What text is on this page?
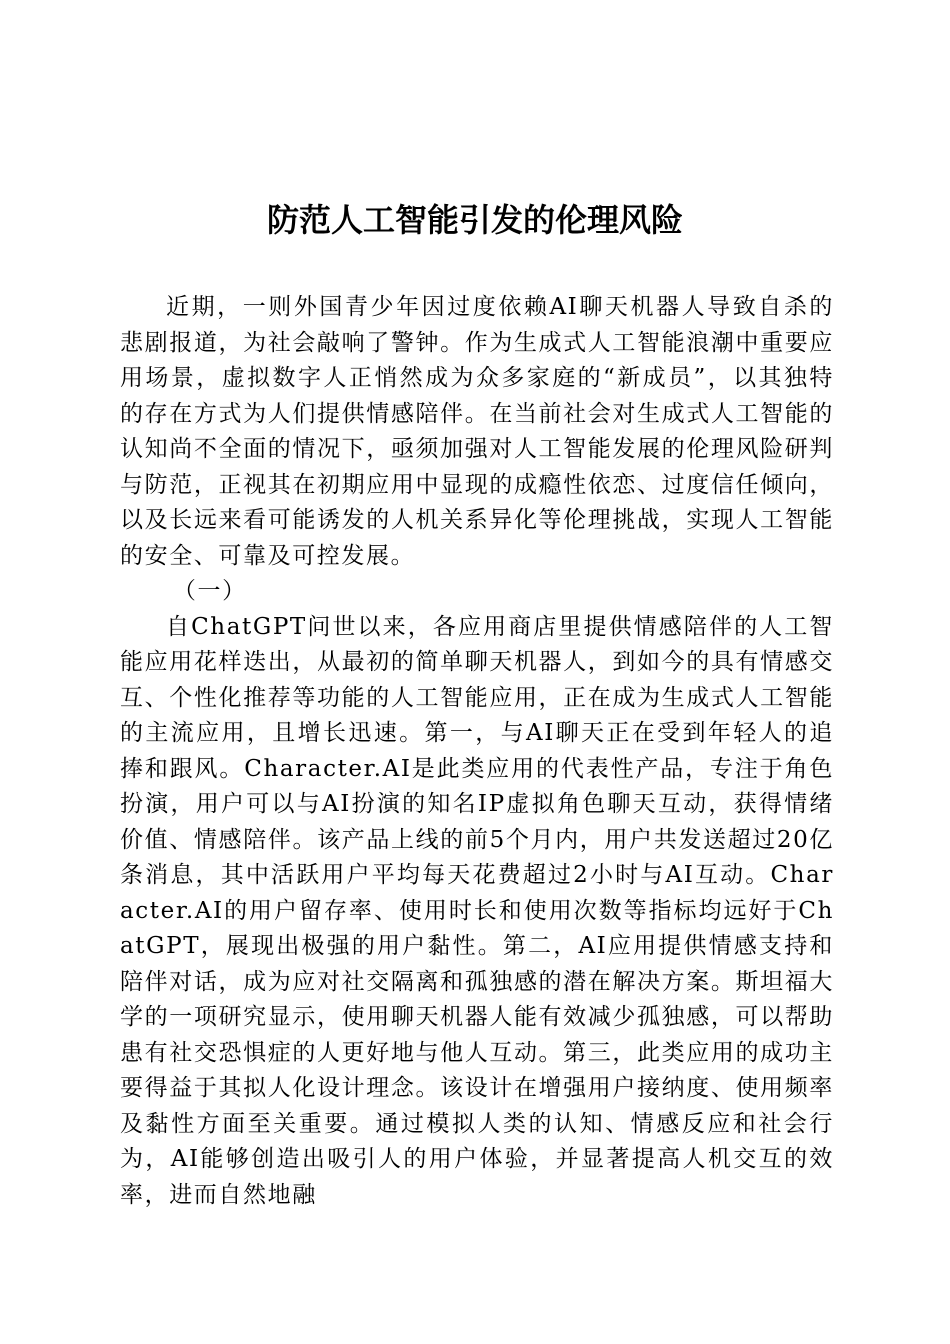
防范人工智能引发的伦理风险

近期，一则外国青少年因过度依赖AI聊天机器人导致自杀的悲剧报道，为社会敲响了警钟。作为生成式人工智能浪潮中重要应用场景，虚拟数字人正悄然成为众多家庭的“新成员”，以其独特的存在方式为人们提供情感陪伴。在当前社会对生成式人工智能的认知尚不全面的情况下，亟须加强对人工智能发展的伦理风险研判与防范，正视其在初期应用中显现的成瘾性依恋、过度信任倾向，以及长远来看可能诱发的人机关系异化等伦理挑战，实现人工智能的安全、可靠及可控发展。

（一）

自ChatGPT问世以来，各应用商店里提供情感陪伴的人工智能应用花样迭出，从最初的简单聊天机器人，到如今的具有情感交互、个性化推荐等功能的人工智能应用，正在成为生成式人工智能的主流应用，且增长迅速。第一，与AI聊天正在受到年轻人的追捧和跟风。Character.AI是此类应用的代表性产品，专注于角色扮演，用户可以与AI扮演的知名IP虚拟角色聊天互动，获得情绪价值、情感陪伴。该产品上线的前5个月内，用户共发送超过20亿条消息，其中活跃用户平均每天花费超过2小时与AI互动。Character.AI的用户留存率、使用时长和使用次数等指标均远好于ChatGPT，展现出极强的用户黏性。第二，AI应用提供情感支持和陪伴对话，成为应对社交隔离和孤独感的潜在解决方案。斯坦福大学的一项研究显示，使用聊天机器人能有效减少孤独感，可以帮助患有社交恐惧症的人更好地与他人互动。第三，此类应用的成功主要得益于其拟人化设计理念。该设计在增强用户接纳度、使用频率及黏性方面至关重要。通过模拟人类的认知、情感反应和社会行为，AI能够创造出吸引人的用户体验，并显著提高人机交互的效率，进而自然地融
